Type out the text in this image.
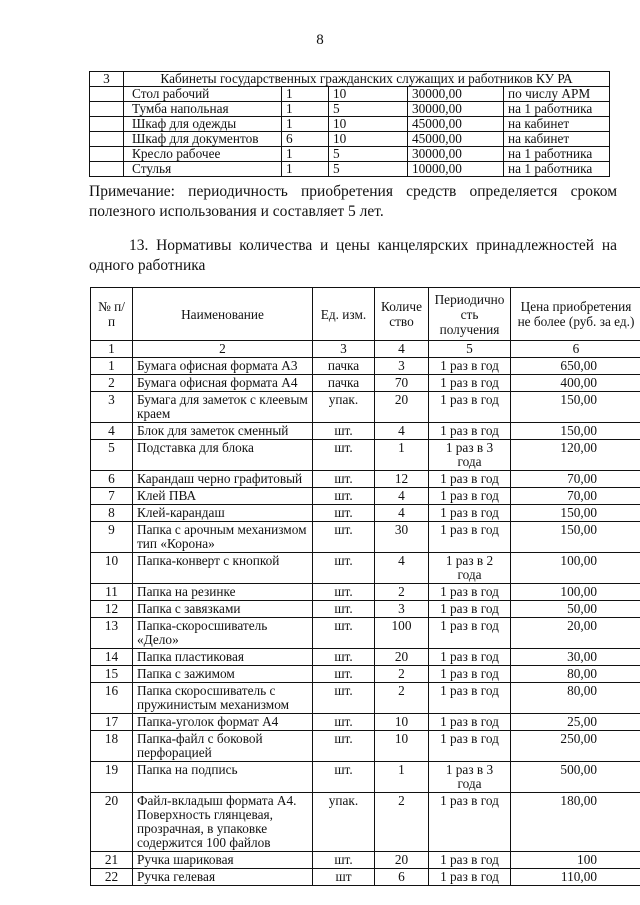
8
3	Кабинеты государственных гражданских служащих и работников КУ РА				
	Стол рабочий	1	10	30000,00	по числу АРМ
	Тумба напольная	1	5	30000,00	на 1 работника
	Шкаф для одежды	1	10	45000,00	на кабинет
	Шкаф для документов	6	10	45000,00	на кабинет
	Кресло рабочее	1	5	30000,00	на 1 работника
	Стулья	1	5	10000,00	на 1 работника
Примечание: периодичность приобретения средств определяется сроком
полезного использования и составляет 5 лет.
13. Нормативы количества и цены канцелярских принадлежностей на
одного работника
№ п/п	Наименование	Ед. изм.	Количе ство	Периодично сть получения	Цена приобретения не более (руб. за ед.)
1	2	3	4	5	6
1	Бумага офисная формата А3	пачка	3	1 раз в год	650,00
2	Бумага офисная формата А4	пачка	70	1 раз в год	400,00
3	Бумага для заметок с клеевым краем	упак.	20	1 раз в год	150,00
4	Блок для заметок сменный	шт.	4	1 раз в год	150,00
5	Подставка для блока	шт.	1	1 раз в 3 года	120,00
6	Карандаш черно графитовый	шт.	12	1 раз в год	70,00
7	Клей ПВА	шт.	4	1 раз в год	70,00
8	Клей-карандаш	шт.	4	1 раз в год	150,00
9	Папка с арочным механизмом тип «Корона»	шт.	30	1 раз в год	150,00
10	Папка-конверт с кнопкой	шт.	4	1 раз в 2 года	100,00
11	Папка на резинке	шт.	2	1 раз в год	100,00
12	Папка с завязками	шт.	3	1 раз в год	50,00
13	Папка-скоросшиватель «Дело»	шт.	100	1 раз в год	20,00
14	Папка пластиковая	шт.	20	1 раз в год	30,00
15	Папка с зажимом	шт.	2	1 раз в год	80,00
16	Папка скоросшиватель с пружинистым механизмом	шт.	2	1 раз в год	80,00
17	Папка-уголок формат А4	шт.	10	1 раз в год	25,00
18	Папка-файл с боковой перфорацией	шт.	10	1 раз в год	250,00
19	Папка на подпись	шт.	1	1 раз в 3 года	500,00
20	Файл-вкладыш формата А4. Поверхность глянцевая, прозрачная, в упаковке содержится 100 файлов	упак.	2	1 раз в год	180,00
21	Ручка шариковая	шт.	20	1 раз в год	100
22	Ручка гелевая	шт	6	1 раз в год	110,00
